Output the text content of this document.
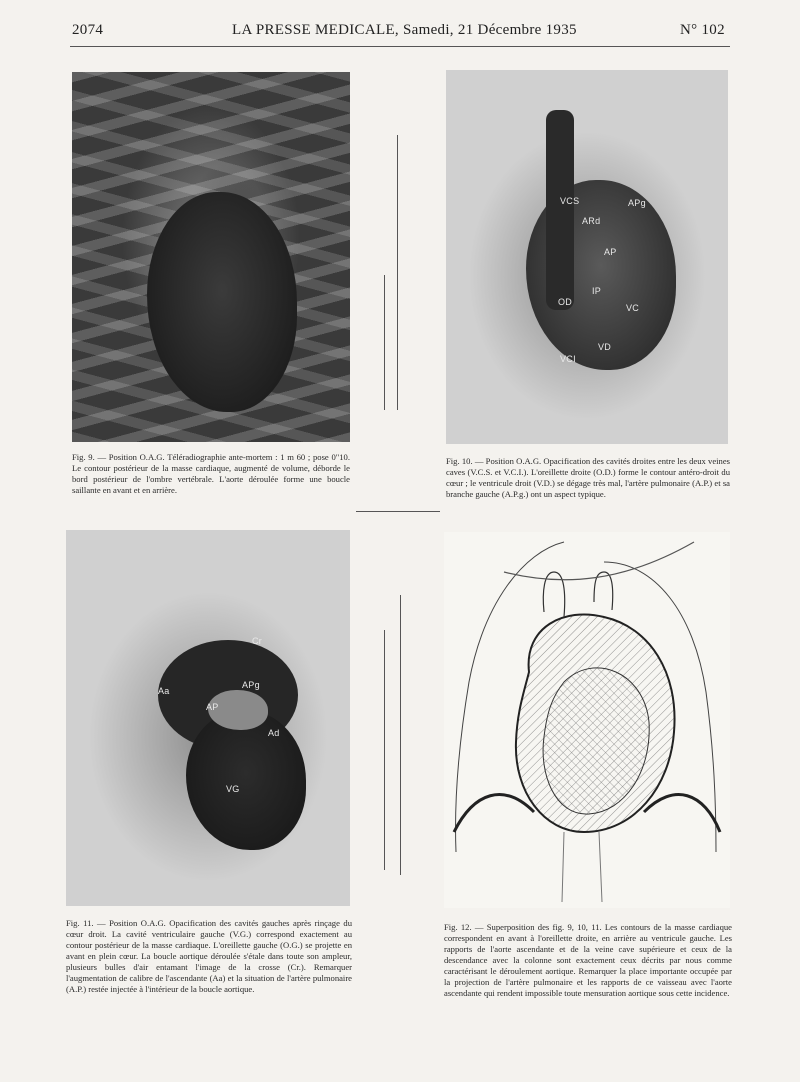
2074	LA PRESSE MEDICALE, Samedi, 21 Décembre 1935	N° 102
Fig. 9. — Position O.A.G. Téléradiographie ante-mortem : 1 m 60 ; pose 0"10. Le contour postérieur de la masse cardiaque, augmenté de volume, déborde le bord postérieur de l'ombre vertébrale. L'aorte déroulée forme une boucle saillante en avant et en arrière.
VCS	APg
ARd
AP
IP
OD
VC
VD
VCI
Fig. 10. — Position O.A.G. Opacification des cavités droites entre les deux veines caves (V.C.S. et V.C.I.). L'oreillette droite (O.D.) forme le contour antéro-droit du cœur ; le ventricule droit (V.D.) se dégage très mal, l'artère pulmonaire (A.P.) et sa branche gauche (A.P.g.) ont un aspect typique.
Cr
Aa
APg
AP
Ad
VG
Fig. 11. — Position O.A.G. Opacification des cavités gauches après rinçage du cœur droit. La cavité ventriculaire gauche (V.G.) correspond exactement au contour postérieur de la masse cardiaque. L'oreillette gauche (O.G.) se projette en avant en plein cœur. La boucle aortique déroulée s'étale dans toute son ampleur, plusieurs bulles d'air entamant l'image de la crosse (Cr.). Remarquer l'augmentation de calibre de l'ascendante (Aa) et la situation de l'artère pulmonaire (A.P.) restée injectée à l'intérieur de la boucle aortique.
Fig. 12. — Superposition des fig. 9, 10, 11. Les contours de la masse cardiaque correspondent en avant à l'oreillette droite, en arrière au ventricule gauche. Les rapports de l'aorte ascendante et de la veine cave supérieure et ceux de la descendance avec la colonne sont exactement ceux décrits par nous comme caractérisant le déroulement aortique. Remarquer la place importante occupée par la projection de l'artère pulmonaire et les rapports de ce vaisseau avec l'aorte ascendante qui rendent impossible toute mensuration aortique sous cette incidence.
